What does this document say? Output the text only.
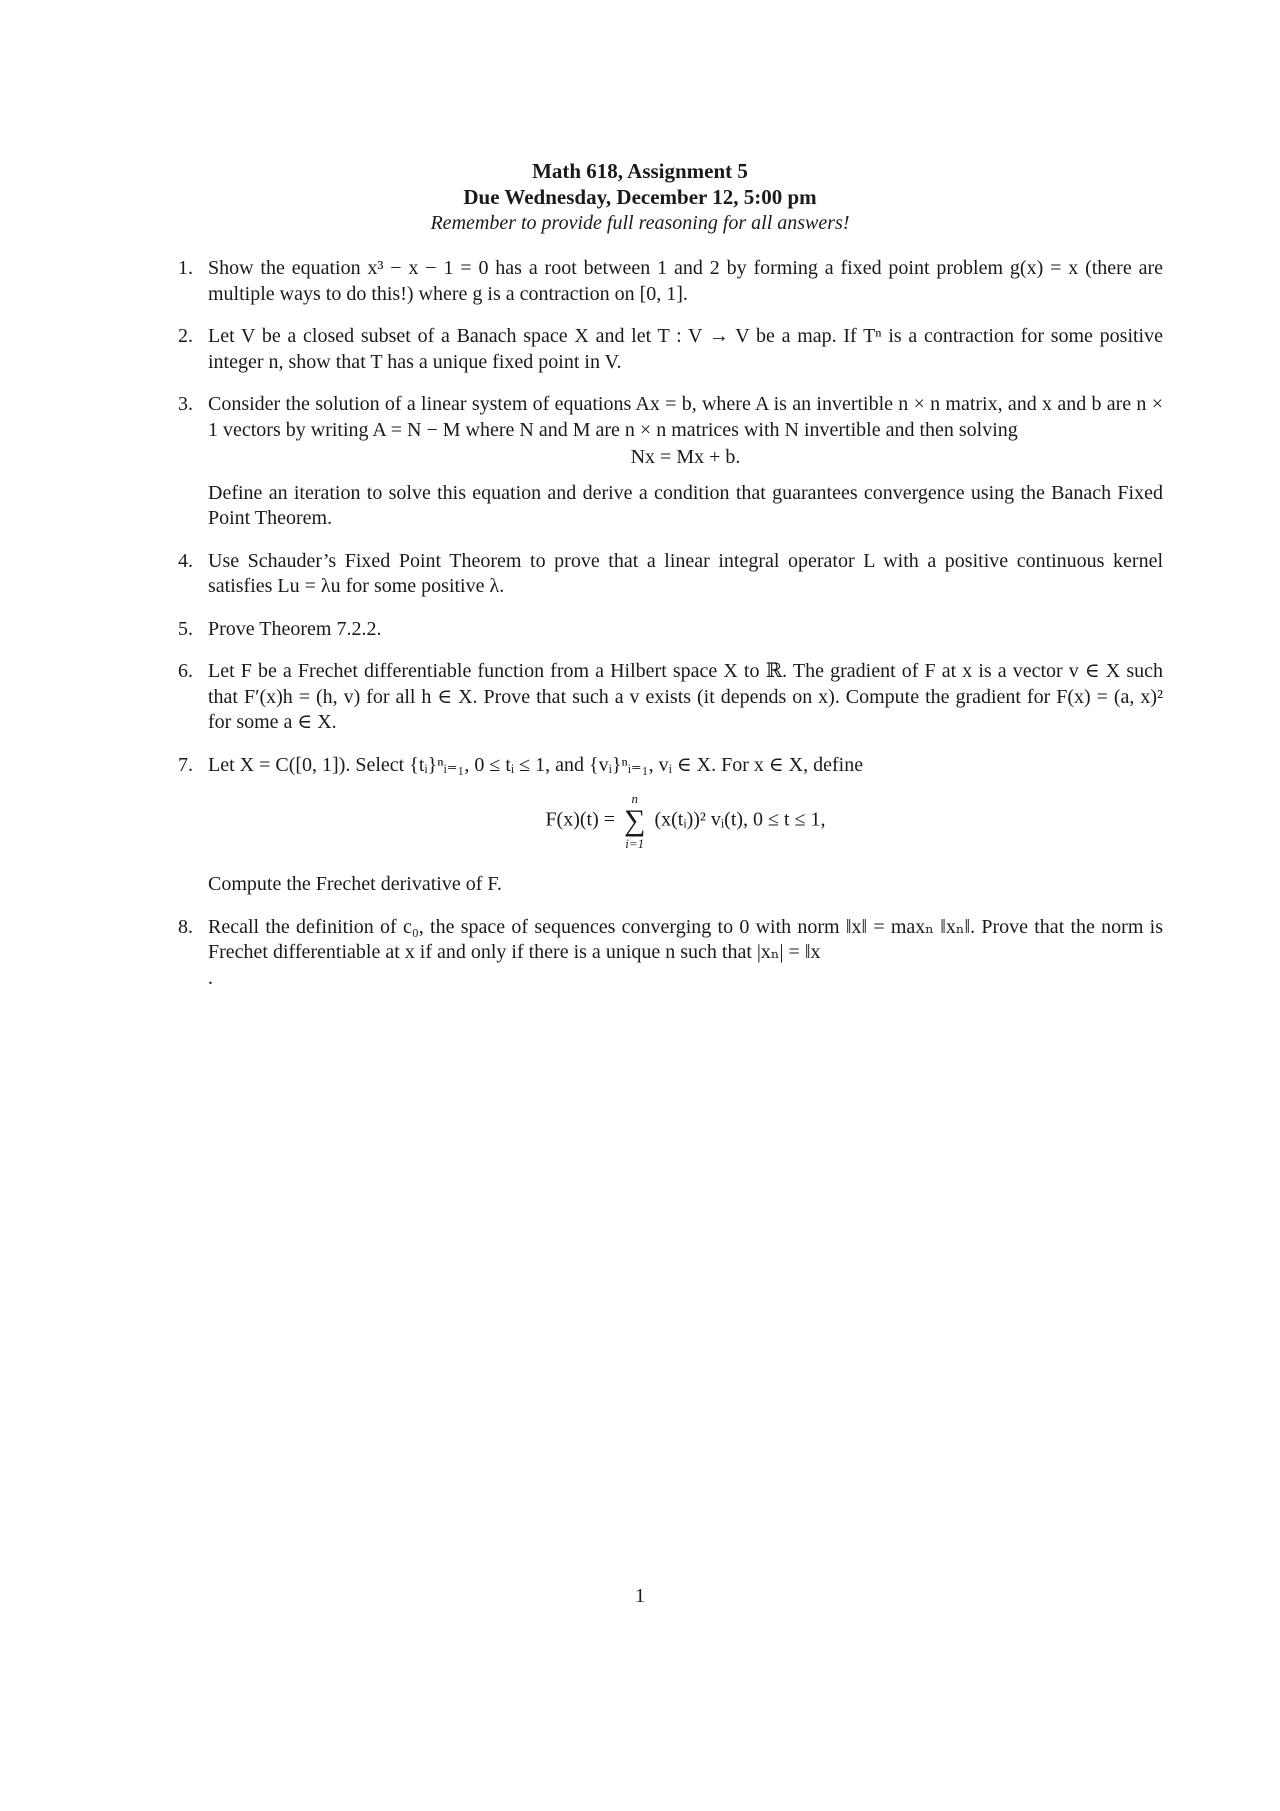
Math 618, Assignment 5
Due Wednesday, December 12, 5:00 pm
Remember to provide full reasoning for all answers!
1. Show the equation x³ − x − 1 = 0 has a root between 1 and 2 by forming a fixed point problem g(x) = x (there are multiple ways to do this!) where g is a contraction on [0, 1].

2. Let V be a closed subset of a Banach space X and let T : V → V be a map. If Tⁿ is a contraction for some positive integer n, show that T has a unique fixed point in V.

3. Consider the solution of a linear system of equations Ax = b, where A is an invertible n × n matrix, and x and b are n × 1 vectors by writing A = N − M where N and M are n × n matrices with N invertible and then solving

Nx = Mx + b.

Define an iteration to solve this equation and derive a condition that guarantees convergence using the Banach Fixed Point Theorem.

4. Use Schauder’s Fixed Point Theorem to prove that a linear integral operator L with a positive continuous kernel satisfies Lu = λu for some positive λ.

5. Prove Theorem 7.2.2.

6. Let F be a Frechet differentiable function from a Hilbert space X to ℝ. The gradient of F at x is a vector v ∈ X such that F′(x)h = (h, v) for all h ∈ X. Prove that such a v exists (it depends on x). Compute the gradient for F(x) = (a, x)² for some a ∈ X.

7. Let X = C([0, 1]). Select {tᵢ}ⁿᵢ₌₁, 0 ≤ tᵢ ≤ 1, and {vᵢ}ⁿᵢ₌₁, vᵢ ∈ X. For x ∈ X, define

F(x)(t) =
n
∑
i=1
(x(tᵢ))² vᵢ(t), 0 ≤ t ≤ 1,

Compute the Frechet derivative of F.

8. Recall the definition of c₀, the space of sequences converging to 0 with norm ‖x‖ = maxₙ ‖xₙ‖. Prove that the norm is Frechet differentiable at x if and only if there is a unique n such that |xₙ| = ‖x

.

1
